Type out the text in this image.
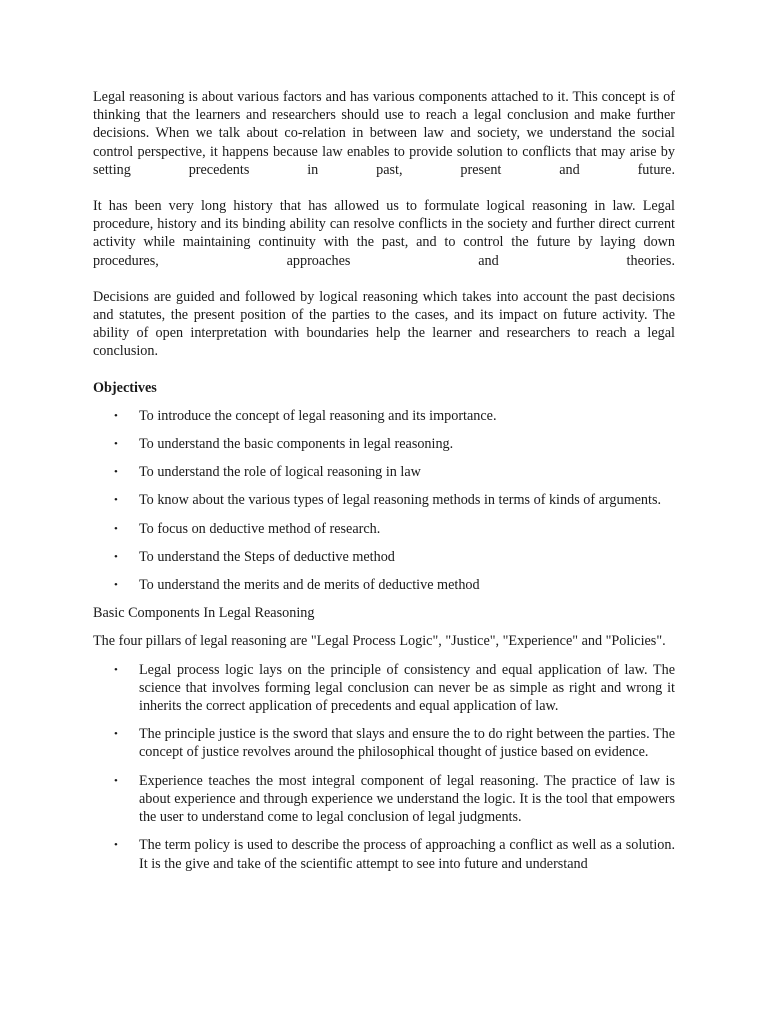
Legal reasoning is about various factors and has various components attached to it. This concept is of thinking that the learners and researchers should use to reach a legal conclusion and make further decisions. When we talk about co-relation in between law and society, we understand the social control perspective, it happens because law enables to provide solution to conflicts that may arise by setting precedents in past, present and future.

It has been very long history that has allowed us to formulate logical reasoning in law. Legal procedure, history and its binding ability can resolve conflicts in the society and further direct current activity while maintaining continuity with the past, and to control the future by laying down procedures, approaches and theories.

Decisions are guided and followed by logical reasoning which takes into account the past decisions and statutes, the present position of the parties to the cases, and its impact on future activity. The ability of open interpretation with boundaries help the learner and researchers to reach a legal conclusion.

Objectives
• To introduce the concept of legal reasoning and its importance.
• To understand the basic components in legal reasoning.
• To understand the role of logical reasoning in law
• To know about the various types of legal reasoning methods in terms of kinds of arguments.
• To focus on deductive method of research.
• To understand the Steps of deductive method
• To understand the merits and de merits of deductive method
Basic Components In Legal Reasoning

The four pillars of legal reasoning are "Legal Process Logic", "Justice", "Experience" and "Policies".

• Legal process logic lays on the principle of consistency and equal application of law. The science that involves forming legal conclusion can never be as simple as right and wrong it inherits the correct application of precedents and equal application of law.
• The principle justice is the sword that slays and ensure the to do right between the parties. The concept of justice revolves around the philosophical thought of justice based on evidence.
• Experience teaches the most integral component of legal reasoning. The practice of law is about experience and through experience we understand the logic. It is the tool that empowers the user to understand come to legal conclusion of legal judgments.
• The term policy is used to describe the process of approaching a conflict as well as a solution. It is the give and take of the scientific attempt to see into future and understand
